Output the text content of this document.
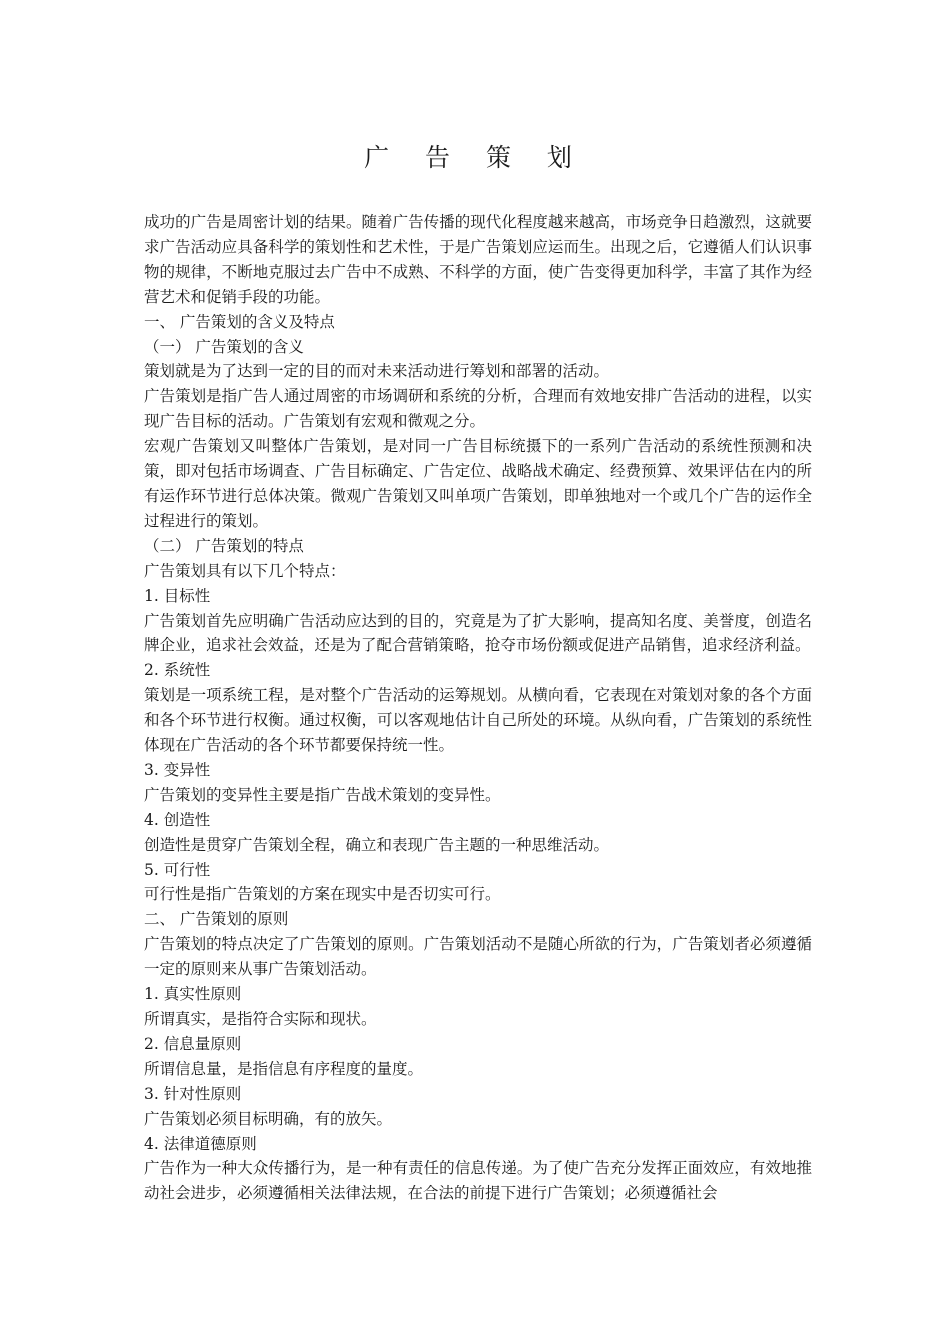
广 告 策 划

成功的广告是周密计划的结果。随着广告传播的现代化程度越来越高，市场竞争日趋激烈，这就要求广告活动应具备科学的策划性和艺术性，于是广告策划应运而生。出现之后，它遵循人们认识事物的规律，不断地克服过去广告中不成熟、不科学的方面，使广告变得更加科学，丰富了其作为经营艺术和促销手段的功能。

一、 广告策划的含义及特点

（一） 广告策划的含义

策划就是为了达到一定的目的而对未来活动进行筹划和部署的活动。

广告策划是指广告人通过周密的市场调研和系统的分析，合理而有效地安排广告活动的进程，以实现广告目标的活动。广告策划有宏观和微观之分。

宏观广告策划又叫整体广告策划，是对同一广告目标统摄下的一系列广告活动的系统性预测和决策，即对包括市场调查、广告目标确定、广告定位、战略战术确定、经费预算、效果评估在内的所有运作环节进行总体决策。微观广告策划又叫单项广告策划，即单独地对一个或几个广告的运作全过程进行的策划。

（二） 广告策划的特点

广告策划具有以下几个特点：

1. 目标性

广告策划首先应明确广告活动应达到的目的，究竟是为了扩大影响，提高知名度、美誉度，创造名牌企业，追求社会效益，还是为了配合营销策略，抢夺市场份额或促进产品销售，追求经济利益。

2. 系统性

策划是一项系统工程，是对整个广告活动的运筹规划。从横向看，它表现在对策划对象的各个方面和各个环节进行权衡。通过权衡，可以客观地估计自己所处的环境。从纵向看，广告策划的系统性体现在广告活动的各个环节都要保持统一性。

3. 变异性

广告策划的变异性主要是指广告战术策划的变异性。

4. 创造性

创造性是贯穿广告策划全程，确立和表现广告主题的一种思维活动。

5. 可行性

可行性是指广告策划的方案在现实中是否切实可行。

二、 广告策划的原则

广告策划的特点决定了广告策划的原则。广告策划活动不是随心所欲的行为，广告策划者必须遵循一定的原则来从事广告策划活动。

1. 真实性原则

所谓真实，是指符合实际和现状。

2. 信息量原则

所谓信息量，是指信息有序程度的量度。

3. 针对性原则

广告策划必须目标明确，有的放矢。

4. 法律道德原则

广告作为一种大众传播行为，是一种有责任的信息传递。为了使广告充分发挥正面效应，有效地推动社会进步，必须遵循相关法律法规，在合法的前提下进行广告策划；必须遵循社会
